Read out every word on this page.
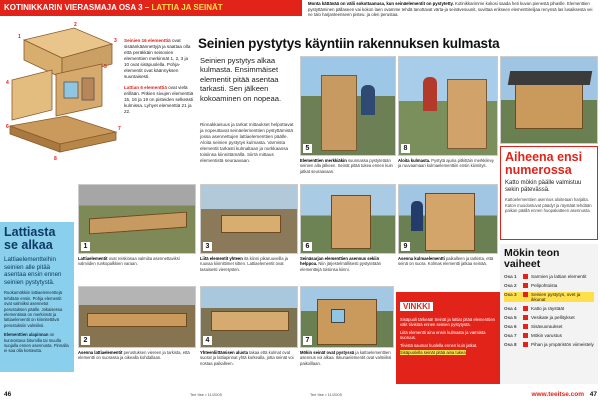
KOTINIKKARIN VIERASMAJA OSA 3 – LATTIA JA SEINÄT	Monta kättävää on välii sokottaanusa, kun seinäelementit on pystytetty. Kotinikkarimme kokosi saada heti kuvan pienestä pihaslle. Elementtien pystyttäminen pällaseen vai kokon laen ovamme tehdä tanottavat värta-ja seinävesuunit, suvittaa erikseen elementtireiljaa renynsä las lusaiksesta vei ne talo harjanteenseen pisteu. ja olen perustaa.
1
2
3
4
5
6	7
8

Seinien 16 elementtiä ovat sisäänkäännettyjä ja saattaa olla että peräkkäin seisovien elementtien merkinnät 1, 2, 3 ja 10 ovat sisäpuolella. Pohja-elementit ovat käännyksen suuntaisesti.

Lattian 6 elementtiä ovat vielä erillään. Pitkien sivujen elementtiä 15, 16 ja 19 on pisteiden selkeästi kulmissa. Lyhyet elementtiä 21 ja 22.

Seinien pystytys käyntiin rakennuksen kulmasta
Seinien pystytys alkaa kulmasta. Ensimmäiset elementit pitää asentaa tarkasti. Sen jälkeen kokoaminen on nopeaa.
Rinnakkaisuus ja tarkat mittaukset helpottavat ja nopeuttavat seinäelementtien pystyttämistä jossa asennettujen lattiaelementtien päälle. Aloita seinien pystytys kulmasta. Varmista elementit tarkasti kulmaltaan ja nurkkaansa toisiinsa kiinnittämällä. Siirrä mittaus elementistä seuraavaan.
5	8
Elementtien merkkiäkin suunnassa pystytetään seinien alla jälkeen. Seinät pitää tukea ennen kuin jatkat seuraavaan.
Aloita kulmasta. Pystytä ajuria pitkittäin merkkilevy ja ruuvaamaan kulmaelementtiin ensin kiinnitys.
1	3	6	9
Lattiaelementit ovat reiskiosaa valmiita asennettaviksi valmiiden runkopalkkien varaan.
Liitä elementit yhteen itä kiinni pikaruuveilla ja ruuvaa kiinnittimet sitten. Lattiaelementit ovat tasaisesti vieretysten.
Seinäsarjan elementtien asennus sekiin helppoa. Niin järjestelmällisesti pystytetään elementtejä toisiinsa kiinni.
Asenna kulmaelementti paikalleen ja tarkista, että seinä on suora. Kolmas elementti jatkaa seinää.
2	4	7
Asenna lattiaelementit perustuksen viereen ja tarkista, että elementti on suorassa ja oikealla kohdallaan.
Yhteenliittämisen alusta takaa että kulmat ovat suorat ja lattiapinnat yhtä korkealla, jotta seinät voi nostaa paikalleen.
Mökin seinät ovat pystyssä ja kattoelementtien asennus voi alkaa. Ikkunaelementit ovat valmiiksi paikoillaan.
Lattiasta se alkaa
Lattiaelementteihin seinien alle pitää asentaa ensin ennen seinien pystytystä.
Ruokamökkiin lattiaelementtejä tehdään ensin. Pohja elementit ovat valmiiksi asennetut perustuksen päälle. Jokaisessa elementissä on merkinnät ja lattiaelementit on kiinnitettävä perustuksiin valmiiksi.
Elementtien alapinnan on kunnostava bitumilla tai muulla suojalla ennen asennusta. Pinnalla ei saa olla kosteutta.
Aiheena ensi numerossa
Katto mökin päälle valmistuu sekin pätevässä.
Kattoelementtien asennus aloitetaan harjalta. Katon muodostuvat päädyt ja räystäät tehdään paikan päällä ennen huopakatteen asennusta.
Mökin teon vaiheet
Osa 1	Sarmien ja lattian elementit
Osa 2	Pelipohtoista
Osa 3	Seinien pystytys, ovet ja ikkunat
Osa 4	Katto ja räystäät
Osa 5	Vesikate ja pellitykset
Osa 6	Sisävuoraukset
Osa 7	Mökin varustus
Osa 8	Pihan ja ympäristön viimeistely
VINKKI

Sisäpuoli tärkeää! Seinät ja lattiat pitää elementtien välit tiivistää ennen seinien pystytystä.

Liitä elementti aina ensin kulmasta ja varmista suoruus.

Tiivistä saumat huolella ennen kuin jatkat.

Sisäpuolella seinät pitää aina tukea

46	Tee Itse • 11/2005	Tee Itse • 11/2005	www.teeitse.com 47
